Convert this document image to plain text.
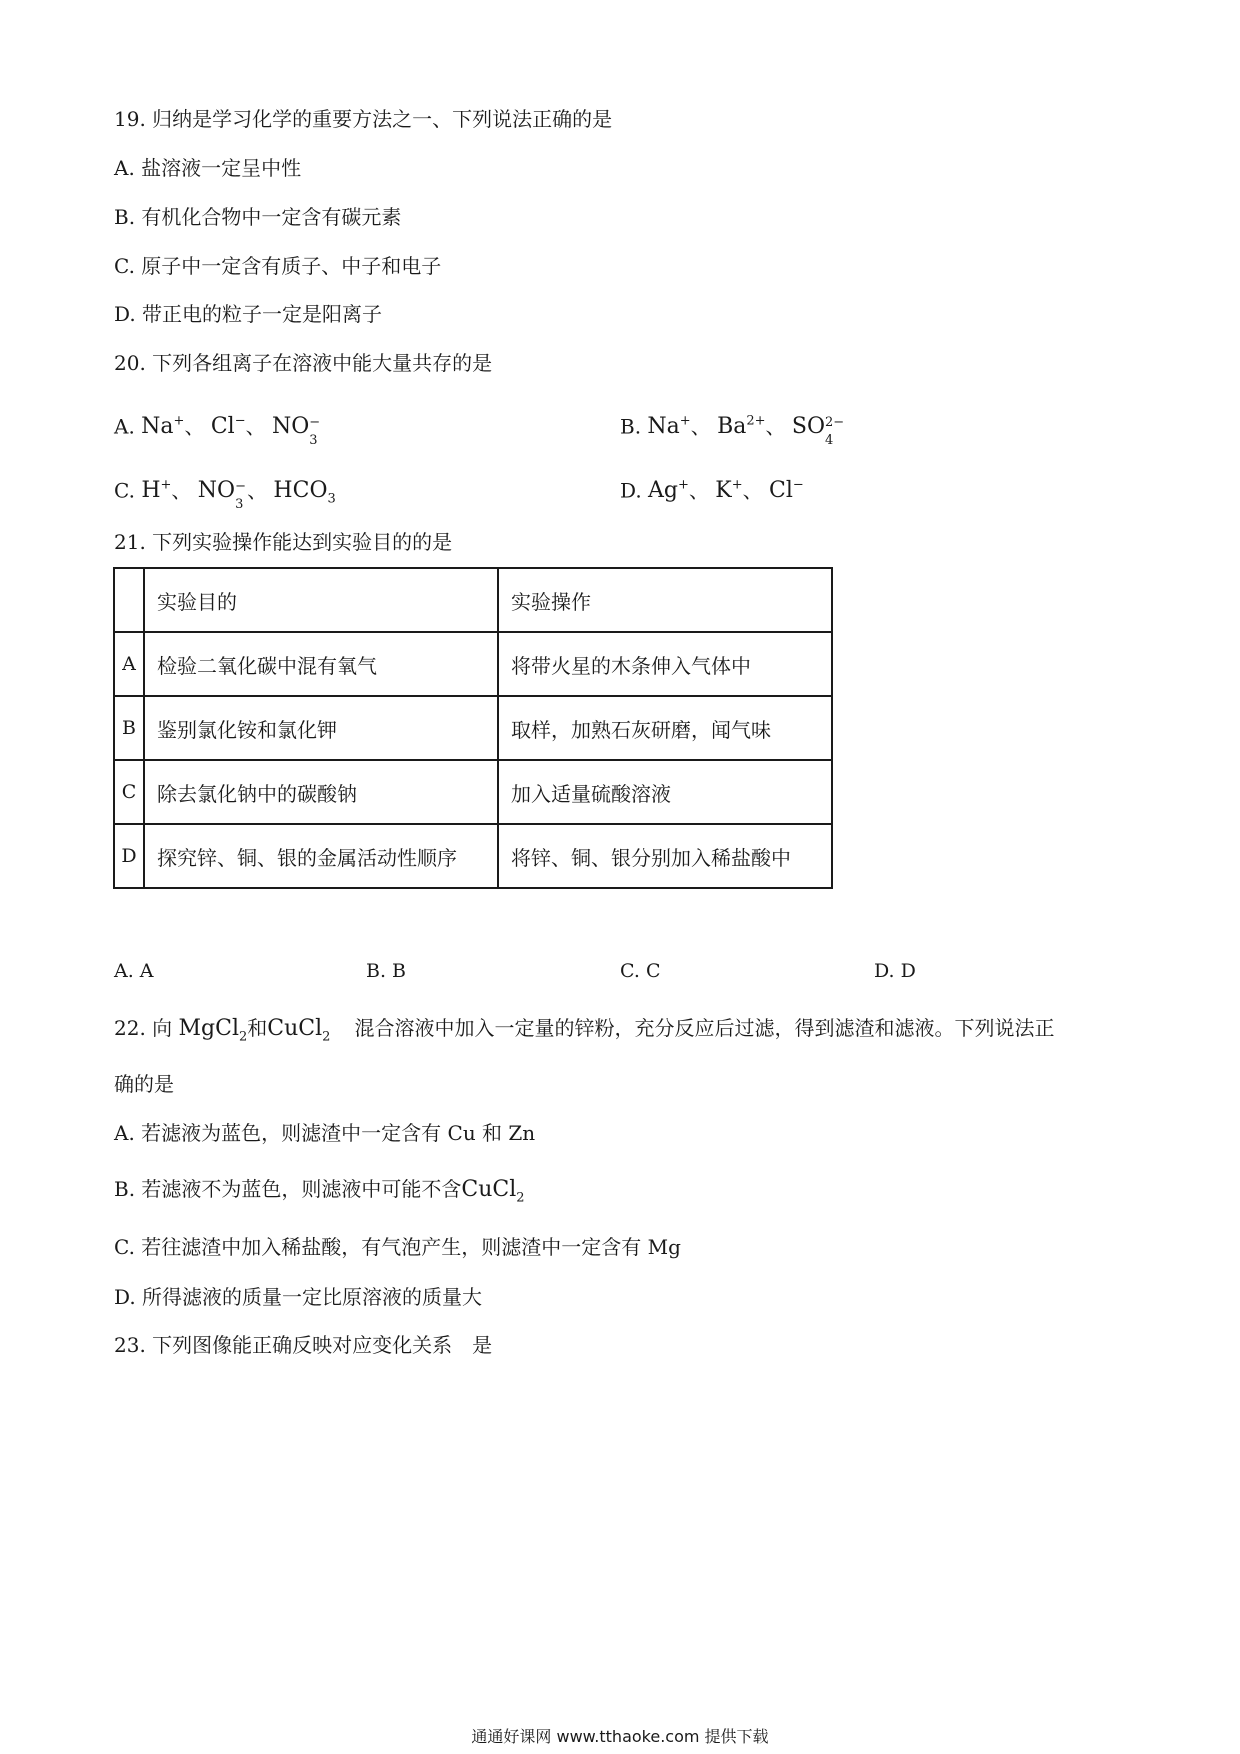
19. 归纳是学习化学的重要方法之一、下列说法正确的是
A. 盐溶液一定呈中性
B. 有机化合物中一定含有碳元素
C. 原子中一定含有质子、中子和电子
D. 带正电的粒子一定是阳离子
20. 下列各组离子在溶液中能大量共存的是
A. Na+、 Cl−、 NO −
3
B. Na+、 $Ba^{2+}$、 SO 2−
4
C. H+、 NO −
3
、 $HCO_3$	D. Ag+、 K+、 Cl−
21. 下列实验操作能达到实验目的的是
	实验目的	实验操作
A	检验二氧化碳中混有氧气	将带火星的木条伸入气体中
B	鉴别氯化铵和氯化钾	取样，加熟石灰研磨，闻气味
C	除去氯化钠中的碳酸钠	加入适量硫酸溶液
D	探究锌、铜、银的金属活动性顺序	将锌、铜、银分别加入稀盐酸中
A. A	B. B	C. C	D. D
22. 向 MgCl$_2$和CuCl$_2$ 混合溶液中加入一定量的锌粉，充分反应后过滤，得到滤渣和滤液。下列说法正
确的是
A. 若滤液为蓝色，则滤渣中一定含有 Cu 和 Zn
B. 若滤液不为蓝色，则滤液中可能不含CuCl$_2$
C. 若往滤渣中加入稀盐酸，有气泡产生，则滤渣中一定含有 Mg
D. 所得滤液的质量一定比原溶液的质量大
23. 下列图像能正确反映对应变化关系　是
通通好课网 www.tthaoke.com 提供下载
